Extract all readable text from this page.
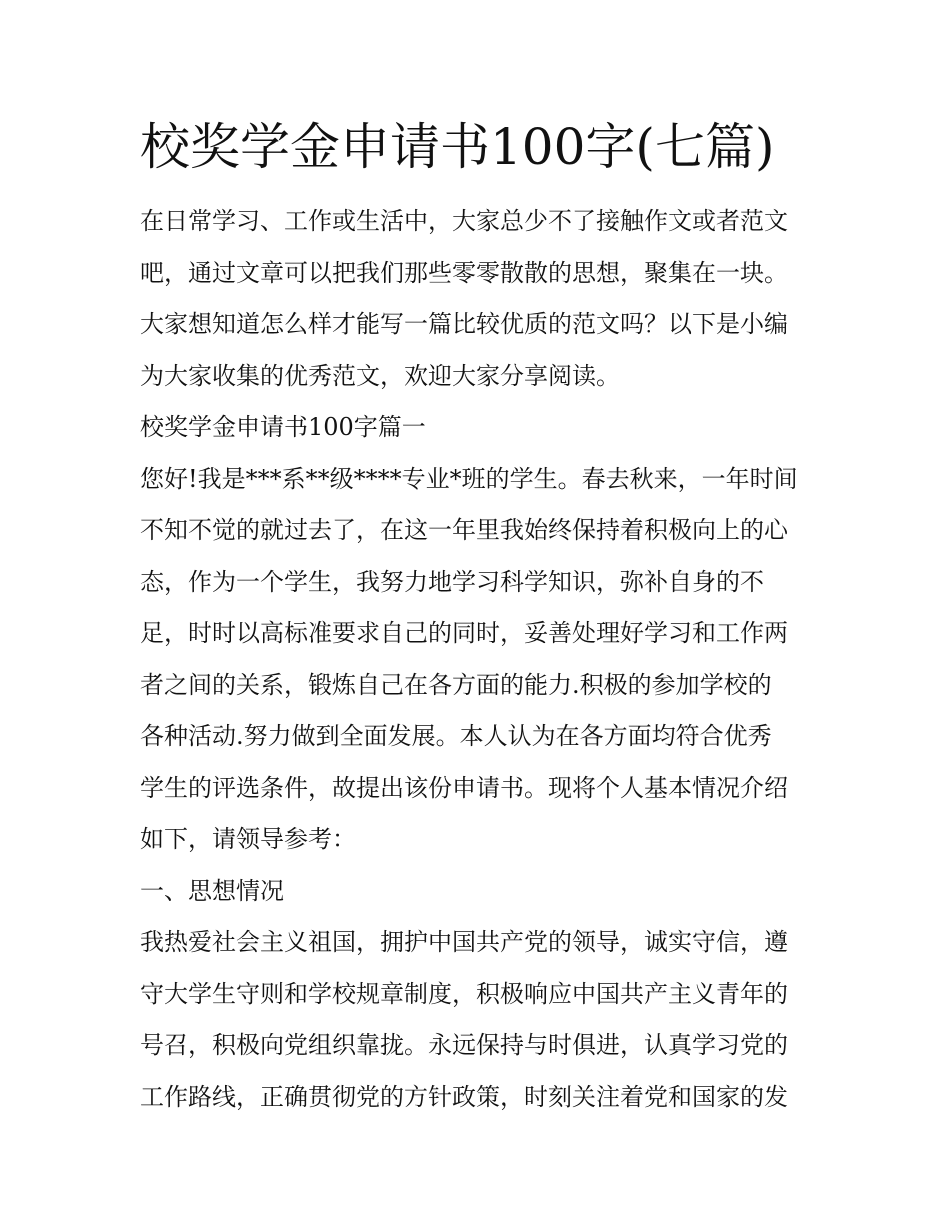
校奖学金申请书100字(七篇)
在日常学习、工作或生活中，大家总少不了接触作文或者范文
吧，通过文章可以把我们那些零零散散的思想，聚集在一块。
大家想知道怎么样才能写一篇比较优质的范文吗？以下是小编
为大家收集的优秀范文，欢迎大家分享阅读。
校奖学金申请书100字篇一
您好!我是***系**级****专业*班的学生。春去秋来，一年时间
不知不觉的就过去了，在这一年里我始终保持着积极向上的心
态，作为一个学生，我努力地学习科学知识，弥补自身的不
足，时时以高标准要求自己的同时，妥善处理好学习和工作两
者之间的关系，锻炼自己在各方面的能力.积极的参加学校的
各种活动.努力做到全面发展。本人认为在各方面均符合优秀
学生的评选条件，故提出该份申请书。现将个人基本情况介绍
如下，请领导参考：
一、思想情况
我热爱社会主义祖国，拥护中国共产党的领导，诚实守信，遵
守大学生守则和学校规章制度，积极响应中国共产主义青年的
号召，积极向党组织靠拢。永远保持与时俱进，认真学习党的
工作路线，正确贯彻党的方针政策，时刻关注着党和国家的发
